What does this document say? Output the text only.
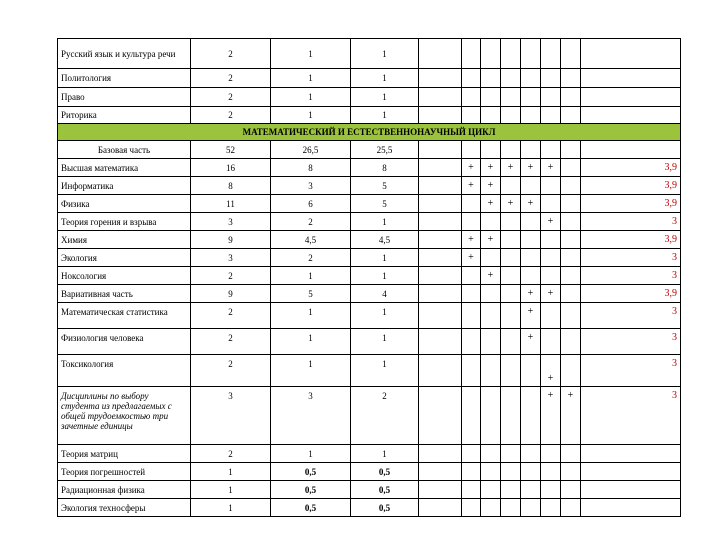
Русский язык и культура речи	2	1	1								
Политология	2	1	1								
Право	2	1	1								
Риторика	2	1	1								
МАТЕМАТИЧЕСКИЙ И ЕСТЕСТВЕННОНАУЧНЫЙ ЦИКЛ											
Базовая часть	52	26,5	25,5								
Высшая математика	16	8	8		+	+	+	+	+		3,9
Информатика	8	3	5		+	+					3,9
Физика	11	6	5			+	+	+			3,9
Теория горения и взрыва	3	2	1						+		3
Химия	9	4,5	4,5		+	+					3,9
Экология	3	2	1		+						3
Ноксология	2	1	1			+					3
Вариативная часть	9	5	4					+	+		3,9
Математическая статистика	2	1	1					+			3
Физиология человека	2	1	1					+			3
Токсикология	2	1	1						+		3
Дисциплины по выбору студента из предлагаемых с общей трудоемкостью три зачетные единицы	3	3	2						+	+	3
Теория матриц	2	1	1								
Теория погрешностей	1	0,5	0,5								
Радиационная физика	1	0,5	0,5								
Экология техносферы	1	0,5	0,5								
